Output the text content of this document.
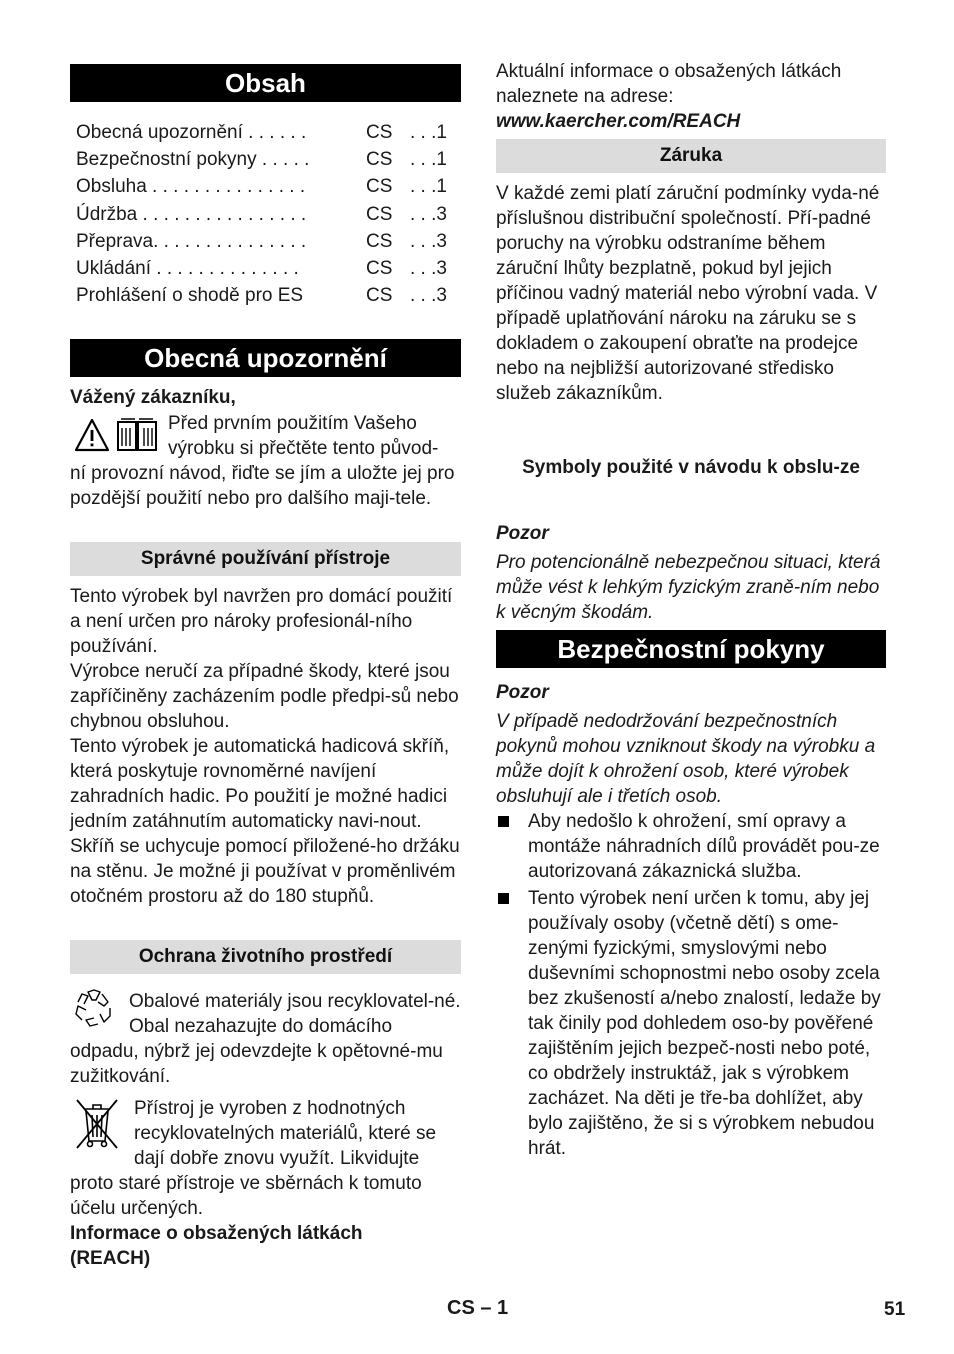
Obsah
Obecná upozornění . . . . . .	CS . . .1
Bezpečnostní pokyny . . . . .	CS . . .1
Obsluha . . . . . . . . . . . . . . .	CS . . .1
Údržba . . . . . . . . . . . . . . . .	CS . . .3
Přeprava. . . . . . . . . . . . . . .	CS . . .3
Ukládání . . . . . . . . . . . . . .	CS . . .3
Prohlášení o shodě pro ES	CS . . .3
Obecná upozornění

Vážený zákazníku,

Před prvním použitím Vašeho

výrobku si přečtěte tento původ-

ní provozní návod, řiďte se jím a uložte jej pro pozdější použití nebo pro dalšího maji-tele.

Správné používání přístroje

Tento výrobek byl navržen pro domácí použití a není určen pro nároky profesionál-ního používání.

Výrobce neručí za případné škody, které jsou zapříčiněny zacházením podle předpi-sů nebo chybnou obsluhou.

Tento výrobek je automatická hadicová skříň, která poskytuje rovnoměrné navíjení zahradních hadic. Po použití je možné hadici jedním zatáhnutím automaticky navi-nout. Skříň se uchycuje pomocí přiložené-ho držáku na stěnu. Je možné ji používat v proměnlivém otočném prostoru až do 180 stupňů.

Ochrana životního prostředí

Obalové materiály jsou recyklovatel-né. Obal nezahazujte do domácího

odpadu, nýbrž jej odevzdejte k opětovné-mu zužitkování.

Přístroj je vyroben z hodnotných recyklovatelných materiálů, které se dají dobře znovu využít. Likvidujte

proto staré přístroje ve sběrnách k tomuto účelu určených.

Informace o obsažených látkách (REACH)

Aktuální informace o obsažených látkách naleznete na adrese:

www.kaercher.com/REACH

Záruka

V každé zemi platí záruční podmínky vyda-né příslušnou distribuční společností. Pří-padné poruchy na výrobku odstraníme během záruční lhůty bezplatně, pokud byl jejich příčinou vadný materiál nebo výrobní vada. V případě uplatňování nároku na záruku se s dokladem o zakoupení obraťte na prodejce nebo na nejbližší autorizované středisko služeb zákazníkům.

Symboly použité v návodu k obslu-ze

Pozor

Pro potencionálně nebezpečnou situaci, která může vést k lehkým fyzickým zraně-ním nebo k věcným škodám.

Bezpečnostní pokyny

Pozor

V případě nedodržování bezpečnostních pokynů mohou vzniknout škody na výrobku a může dojít k ohrožení osob, které výrobek obsluhují ale i třetích osob.

Aby nedošlo k ohrožení, smí opravy a montáže náhradních dílů provádět pou-ze autorizovaná zákaznická služba.
Tento výrobek není určen k tomu, aby jej používaly osoby (včetně dětí) s ome-zenými fyzickými, smyslovými nebo duševními schopnostmi nebo osoby zcela bez zkušeností a/nebo znalostí, ledaže by tak činily pod dohledem oso-by pověřené zajištěním jejich bezpeč-nosti nebo poté, co obdržely instruktáž, jak s výrobkem zacházet. Na děti je tře-ba dohlížet, aby bylo zajištěno, že si s výrobkem nebudou hrát.
CS – 1	51
